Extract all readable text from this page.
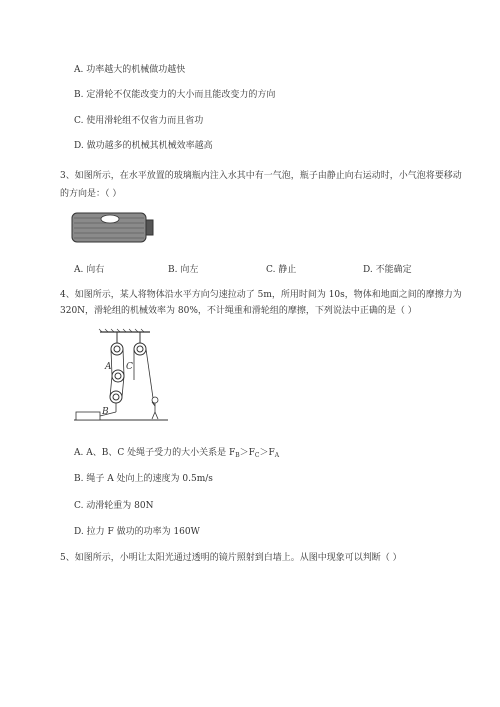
A. 功率越大的机械做功越快
B. 定滑轮不仅能改变力的大小而且能改变力的方向
C. 使用滑轮组不仅省力而且省功
D. 做功越多的机械其机械效率越高
3、如图所示，在水平放置的玻璃瓶内注入水其中有一气泡，瓶子由静止向右运动时，小气泡将要移动
的方向是：（ ）
A. 向右	B. 向左	C. 静止	D. 不能确定
4、如图所示，某人将物体沿水平方向匀速拉动了 5m，所用时间为 10s，物体和地面之间的摩擦力为
320N，滑轮组的机械效率为 80%，不计绳重和滑轮组的摩擦，下列说法中正确的是（ ）
A C
B
A. A、B、C 处绳子受力的大小关系是 $F_B>F_C>F_A$
B. 绳子 A 处向上的速度为 0.5m/s
C. 动滑轮重为 80N
D. 拉力 F 做功的功率为 160W
5、如图所示，小明让太阳光通过透明的镜片照射到白墙上。从图中现象可以判断（ ）
